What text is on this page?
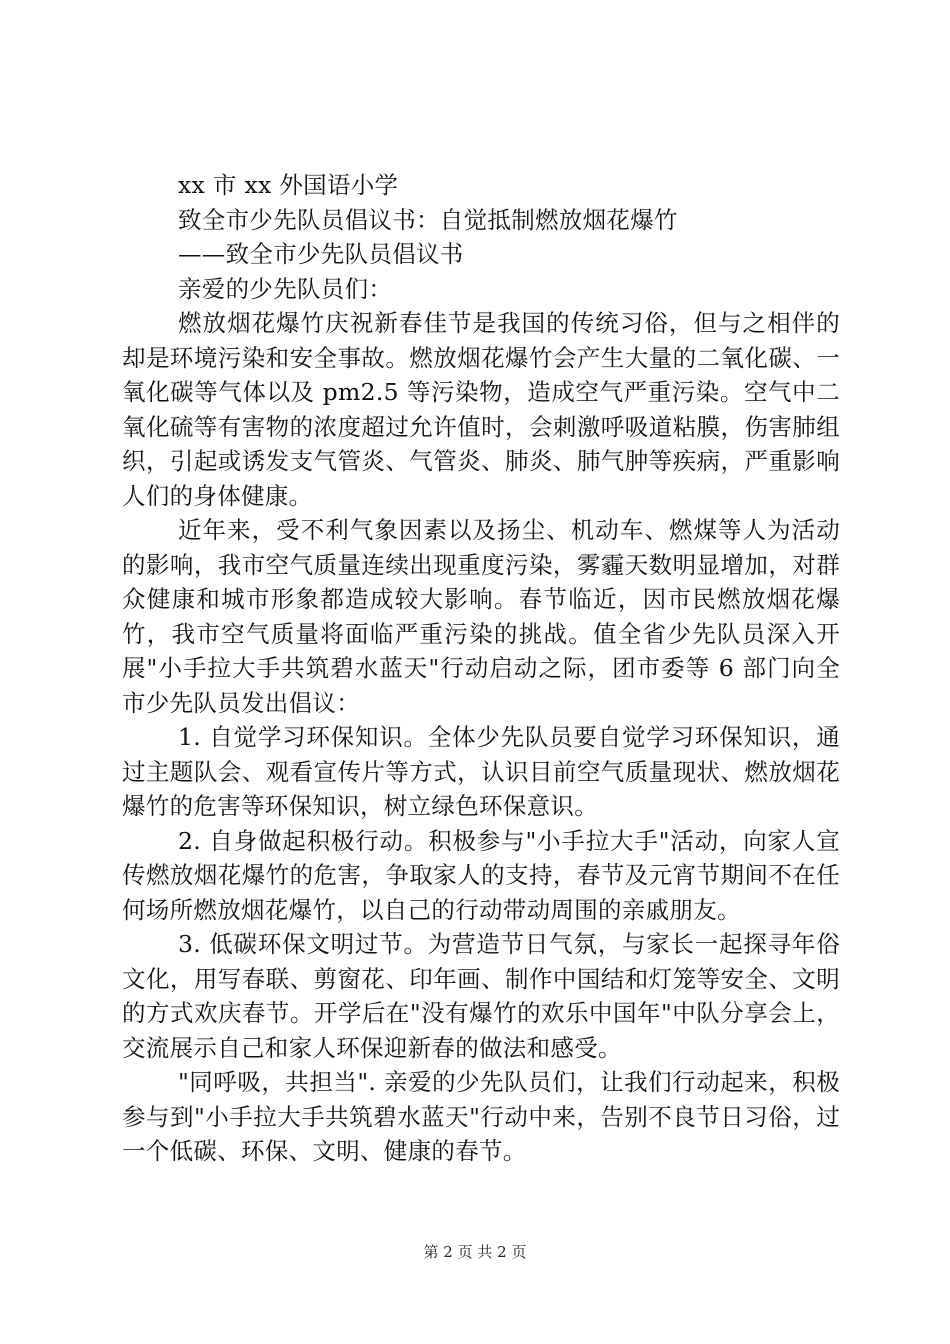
xx 市 xx 外国语小学

致全市少先队员倡议书：自觉抵制燃放烟花爆竹

——致全市少先队员倡议书

亲爱的少先队员们：

燃放烟花爆竹庆祝新春佳节是我国的传统习俗，但与之相伴的却是环境污染和安全事故。燃放烟花爆竹会产生大量的二氧化碳、一氧化碳等气体以及 pm2.5 等污染物，造成空气严重污染。空气中二氧化硫等有害物的浓度超过允许值时，会刺激呼吸道粘膜，伤害肺组织，引起或诱发支气管炎、气管炎、肺炎、肺气肿等疾病，严重影响人们的身体健康。

近年来，受不利气象因素以及扬尘、机动车、燃煤等人为活动的影响，我市空气质量连续出现重度污染，雾霾天数明显增加，对群众健康和城市形象都造成较大影响。春节临近，因市民燃放烟花爆竹，我市空气质量将面临严重污染的挑战。值全省少先队员深入开展"小手拉大手共筑碧水蓝天"行动启动之际，团市委等 6 部门向全市少先队员发出倡议：

1. 自觉学习环保知识。全体少先队员要自觉学习环保知识，通过主题队会、观看宣传片等方式，认识目前空气质量现状、燃放烟花爆竹的危害等环保知识，树立绿色环保意识。

2. 自身做起积极行动。积极参与"小手拉大手"活动，向家人宣传燃放烟花爆竹的危害，争取家人的支持，春节及元宵节期间不在任何场所燃放烟花爆竹，以自己的行动带动周围的亲戚朋友。

3. 低碳环保文明过节。为营造节日气氛，与家长一起探寻年俗文化，用写春联、剪窗花、印年画、制作中国结和灯笼等安全、文明的方式欢庆春节。开学后在"没有爆竹的欢乐中国年"中队分享会上，交流展示自己和家人环保迎新春的做法和感受。

"同呼吸，共担当". 亲爱的少先队员们，让我们行动起来，积极参与到"小手拉大手共筑碧水蓝天"行动中来，告别不良节日习俗，过一个低碳、环保、文明、健康的春节。

第 2 页 共 2 页
